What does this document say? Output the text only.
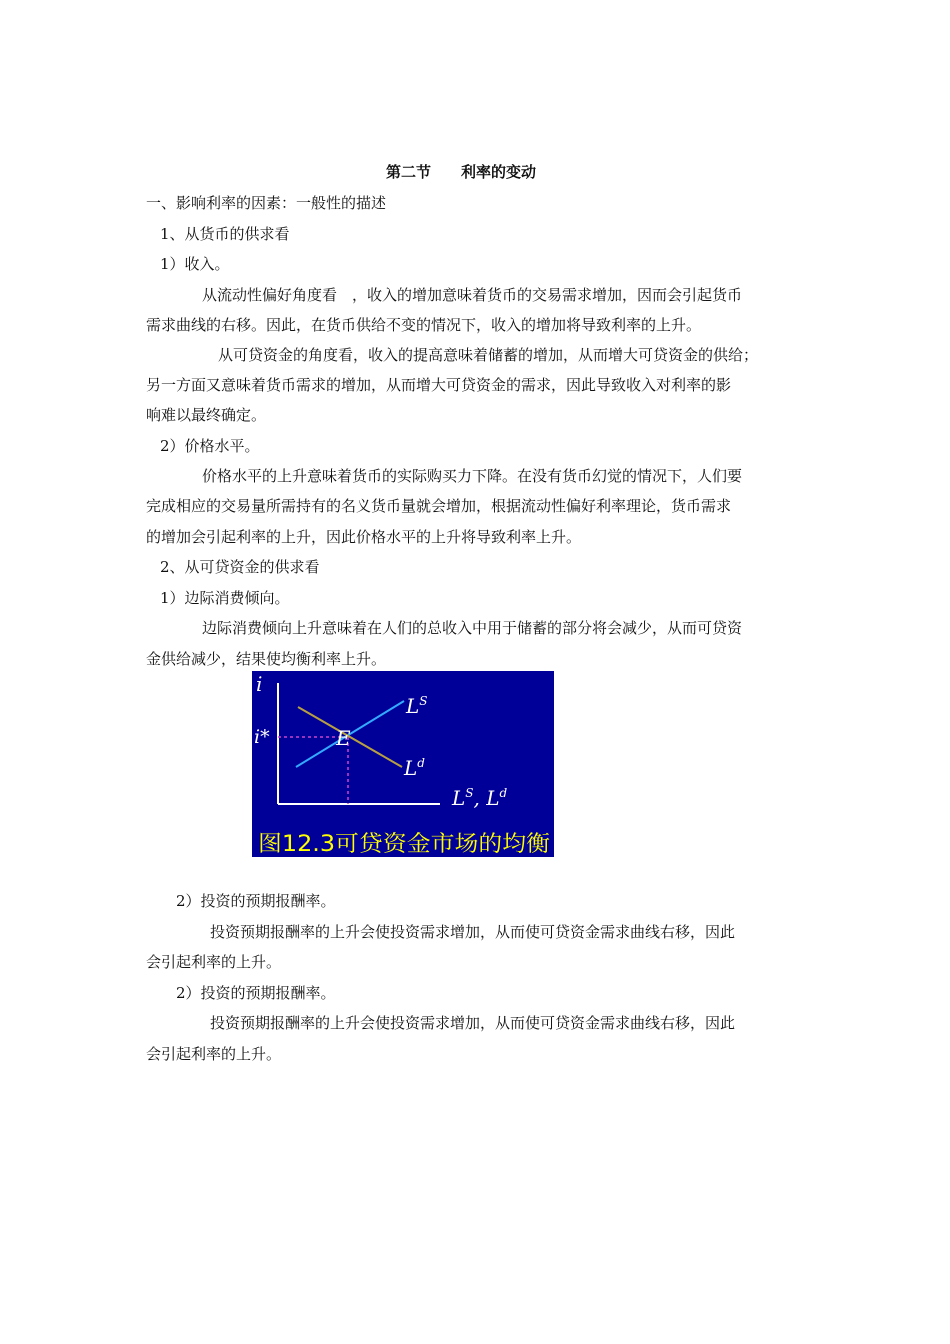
第二节　　利率的变动
一、影响利率的因素：一般性的描述
1、从货币的供求看
1）收入。
从流动性偏好角度看　，收入的增加意味着货币的交易需求增加，因而会引起货币
需求曲线的右移。因此，在货币供给不变的情况下，收入的增加将导致利率的上升。
从可贷资金的角度看，收入的提高意味着储蓄的增加，从而增大可贷资金的供给；
另一方面又意味着货币需求的增加，从而增大可贷资金的需求，因此导致收入对利率的影
响难以最终确定。
2）价格水平。
价格水平的上升意味着货币的实际购买力下降。在没有货币幻觉的情况下，人们要
完成相应的交易量所需持有的名义货币量就会增加，根据流动性偏好利率理论，货币需求
的增加会引起利率的上升，因此价格水平的上升将导致利率上升。
2、从可贷资金的供求看
1）边际消费倾向。
边际消费倾向上升意味着在人们的总收入中用于储蓄的部分将会减少，从而可贷资
金供给减少，结果使均衡利率上升。
i
i*	E
$L^S$
$L^d$
$L^S$, $L^d$
图12.3可贷资金市场的均衡
2）投资的预期报酬率。
投资预期报酬率的上升会使投资需求增加，从而使可贷资金需求曲线右移，因此
会引起利率的上升。
2）投资的预期报酬率。
投资预期报酬率的上升会使投资需求增加，从而使可贷资金需求曲线右移，因此
会引起利率的上升。
